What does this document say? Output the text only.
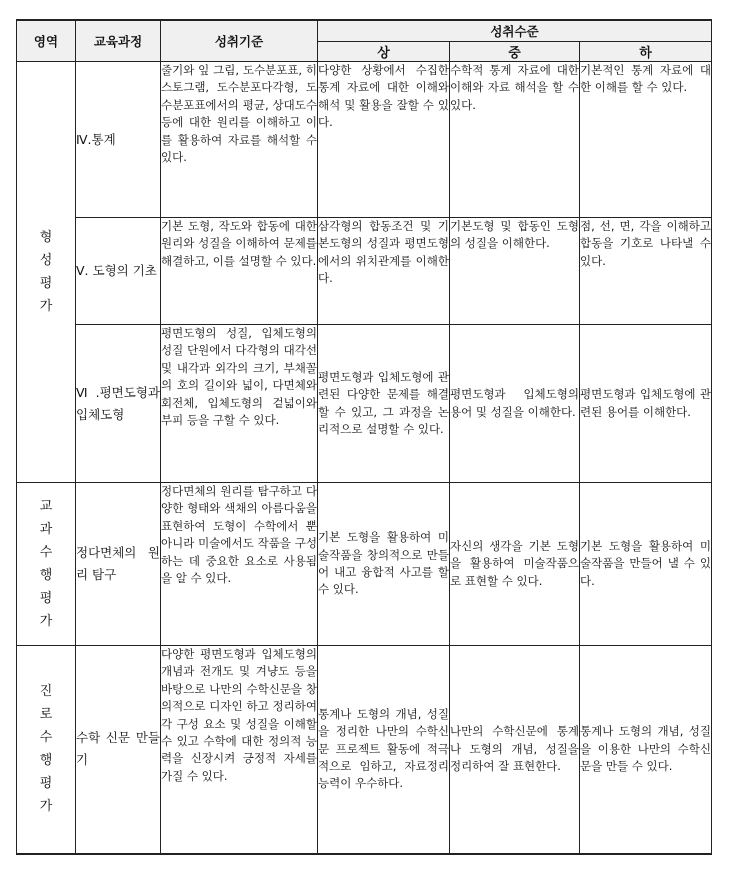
영역	교육과정	성취기준	성취수준		
			상	중	하

형성평가	Ⅳ.통계	줄기와 잎 그림, 도수분포표, 히스토그램, 도수분포다각형, 도수분포표에서의 평균, 상대도수 등에 대한 원리를 이해하고 이를 활용하여 자료를 해석할 수 있다.	다양한 상황에서 수집한 통계 자료에 대한 이해와 해석 및 활용을 잘할 수 있다.	수학적 통계 자료에 대한 이해와 자료 해석을 할 수 있다.	기본적인 통계 자료에 대한 이해를 할 수 있다.
	Ⅴ. 도형의 기초	기본 도형, 작도와 합동에 대한 원리와 성질을 이해하여 문제를 해결하고, 이를 설명할 수 있다.	삼각형의 합동조건 및 기본도형의 성질과 평면도형에서의 위치관계를 이해한다.	기본도형 및 합동인 도형의 성질을 이해한다.	점, 선, 면, 각을 이해하고 합동을 기호로 나타낼 수 있다.
	Ⅵ.평면도형과 입체도형	평면도형의 성질, 입체도형의 성질 단원에서 다각형의 대각선 및 내각과 외각의 크기, 부채꼴의 호의 길이와 넓이, 다면체와 회전체, 입체도형의 겉넓이와 부피 등을 구할 수 있다.	평면도형과 입체도형에 관련된 다양한 문제를 해결할 수 있고, 그 과정을 논리적으로 설명할 수 있다.	평면도형과 입체도형의 용어 및 성질을 이해한다.	평면도형과 입체도형에 관련된 용어를 이해한다.

교과수행평가	정다면체의 원리 탐구	정다면체의 원리를 탐구하고 다양한 형태와 색채의 아름다움을 표현하여 도형이 수학에서 뿐 아니라 미술에서도 작품을 구성하는 데 중요한 요소로 사용됨을 알 수 있다.	기본 도형을 활용하여 미술작품을 창의적으로 만들어 내고 융합적 사고를 할 수 있다.	자신의 생각을 기본 도형을 활용하여 미술작품으로 표현할 수 있다.	기본 도형을 활용하여 미술작품을 만들어 낼 수 있다.

진로수행평가	수학 신문 만들기	다양한 평면도형과 입체도형의 개념과 전개도 및 겨냥도 등을 바탕으로 나만의 수학신문을 창의적으로 디자인 하고 정리하여 각 구성 요소 및 성질을 이해할 수 있고 수학에 대한 정의적 능력을 신장시켜 긍정적 자세를 가질 수 있다.	통계나 도형의 개념, 성질을 정리한 나만의 수학신문 프로젝트 활동에 적극적으로 임하고, 자료정리 능력이 우수하다.	나만의 수학신문에 통계나 도형의 개념, 성질을 정리하여 잘 표현한다.	통계나 도형의 개념, 성질을 이용한 나만의 수학신문을 만들 수 있다.
